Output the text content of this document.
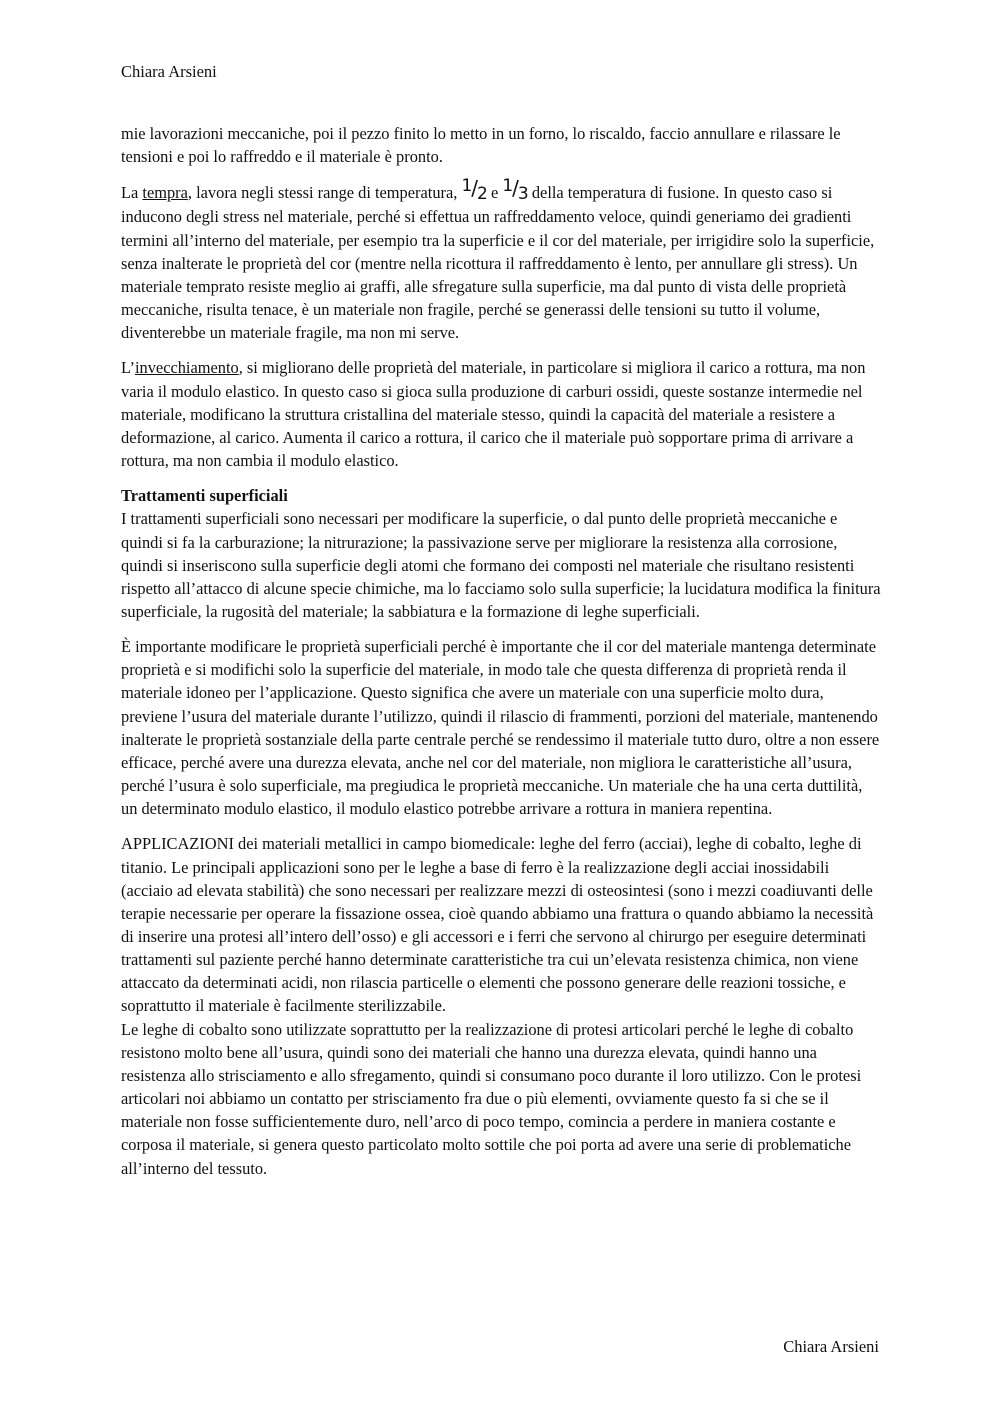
Chiara Arsieni

mie lavorazioni meccaniche, poi il pezzo finito lo metto in un forno, lo riscaldo, faccio annullare e rilassare le tensioni e poi lo raffreddo e il materiale è pronto.

La tempra, lavora negli stessi range di temperatura, 1/2 e 1/3 della temperatura di fusione. In questo caso si inducono degli stress nel materiale, perché si effettua un raffreddamento veloce, quindi generiamo dei gradienti termini all’interno del materiale, per esempio tra la superficie e il cor del materiale, per irrigidire solo la superficie, senza inalterate le proprietà del cor (mentre nella ricottura il raffreddamento è lento, per annullare gli stress). Un materiale temprato resiste meglio ai graffi, alle sfregature sulla superficie, ma dal punto di vista delle proprietà meccaniche, risulta tenace, è un materiale non fragile, perché se generassi delle tensioni su tutto il volume, diventerebbe un materiale fragile, ma non mi serve.

L’invecchiamento, si migliorano delle proprietà del materiale, in particolare si migliora il carico a rottura, ma non varia il modulo elastico. In questo caso si gioca sulla produzione di carburi ossidi, queste sostanze intermedie nel materiale, modificano la struttura cristallina del materiale stesso, quindi la capacità del materiale a resistere a deformazione, al carico. Aumenta il carico a rottura, il carico che il materiale può sopportare prima di arrivare a rottura, ma non cambia il modulo elastico.

Trattamenti superficiali
I trattamenti superficiali sono necessari per modificare la superficie, o dal punto delle proprietà meccaniche e quindi si fa la carburazione; la nitrurazione; la passivazione serve per migliorare la resistenza alla corrosione, quindi si inseriscono sulla superficie degli atomi che formano dei composti nel materiale che risultano resistenti rispetto all’attacco di alcune specie chimiche, ma lo facciamo solo sulla superficie; la lucidatura modifica la finitura superficiale, la rugosità del materiale; la sabbiatura e la formazione di leghe superficiali.

È importante modificare le proprietà superficiali perché è importante che il cor del materiale mantenga determinate proprietà e si modifichi solo la superficie del materiale, in modo tale che questa differenza di proprietà renda il materiale idoneo per l’applicazione. Questo significa che avere un materiale con una superficie molto dura, previene l’usura del materiale durante l’utilizzo, quindi il rilascio di frammenti, porzioni del materiale, mantenendo inalterate le proprietà sostanziale della parte centrale perché se rendessimo il materiale tutto duro, oltre a non essere efficace, perché avere una durezza elevata, anche nel cor del materiale, non migliora le caratteristiche all’usura, perché l’usura è solo superficiale, ma pregiudica le proprietà meccaniche. Un materiale che ha una certa duttilità, un determinato modulo elastico, il modulo elastico potrebbe arrivare a rottura in maniera repentina.

APPLICAZIONI dei materiali metallici in campo biomedicale: leghe del ferro (acciai), leghe di cobalto, leghe di titanio. Le principali applicazioni sono per le leghe a base di ferro è la realizzazione degli acciai inossidabili (acciaio ad elevata stabilità) che sono necessari per realizzare mezzi di osteosintesi (sono i mezzi coadiuvanti delle terapie necessarie per operare la fissazione ossea, cioè quando abbiamo una frattura o quando abbiamo la necessità di inserire una protesi all’intero dell’osso) e gli accessori e i ferri che servono al chirurgo per eseguire determinati trattamenti sul paziente perché hanno determinate caratteristiche tra cui un’elevata resistenza chimica, non viene attaccato da determinati acidi, non rilascia particelle o elementi che possono generare delle reazioni tossiche, e soprattutto il materiale è facilmente sterilizzabile.

Le leghe di cobalto sono utilizzate soprattutto per la realizzazione di protesi articolari perché le leghe di cobalto resistono molto bene all’usura, quindi sono dei materiali che hanno una durezza elevata, quindi hanno una resistenza allo strisciamento e allo sfregamento, quindi si consumano poco durante il loro utilizzo. Con le protesi articolari noi abbiamo un contatto per strisciamento fra due o più elementi, ovviamente questo fa si che se il materiale non fosse sufficientemente duro, nell’arco di poco tempo, comincia a perdere in maniera costante e corposa il materiale, si genera questo particolato molto sottile che poi porta ad avere una serie di problematiche all’interno del tessuto.

Chiara Arsieni
